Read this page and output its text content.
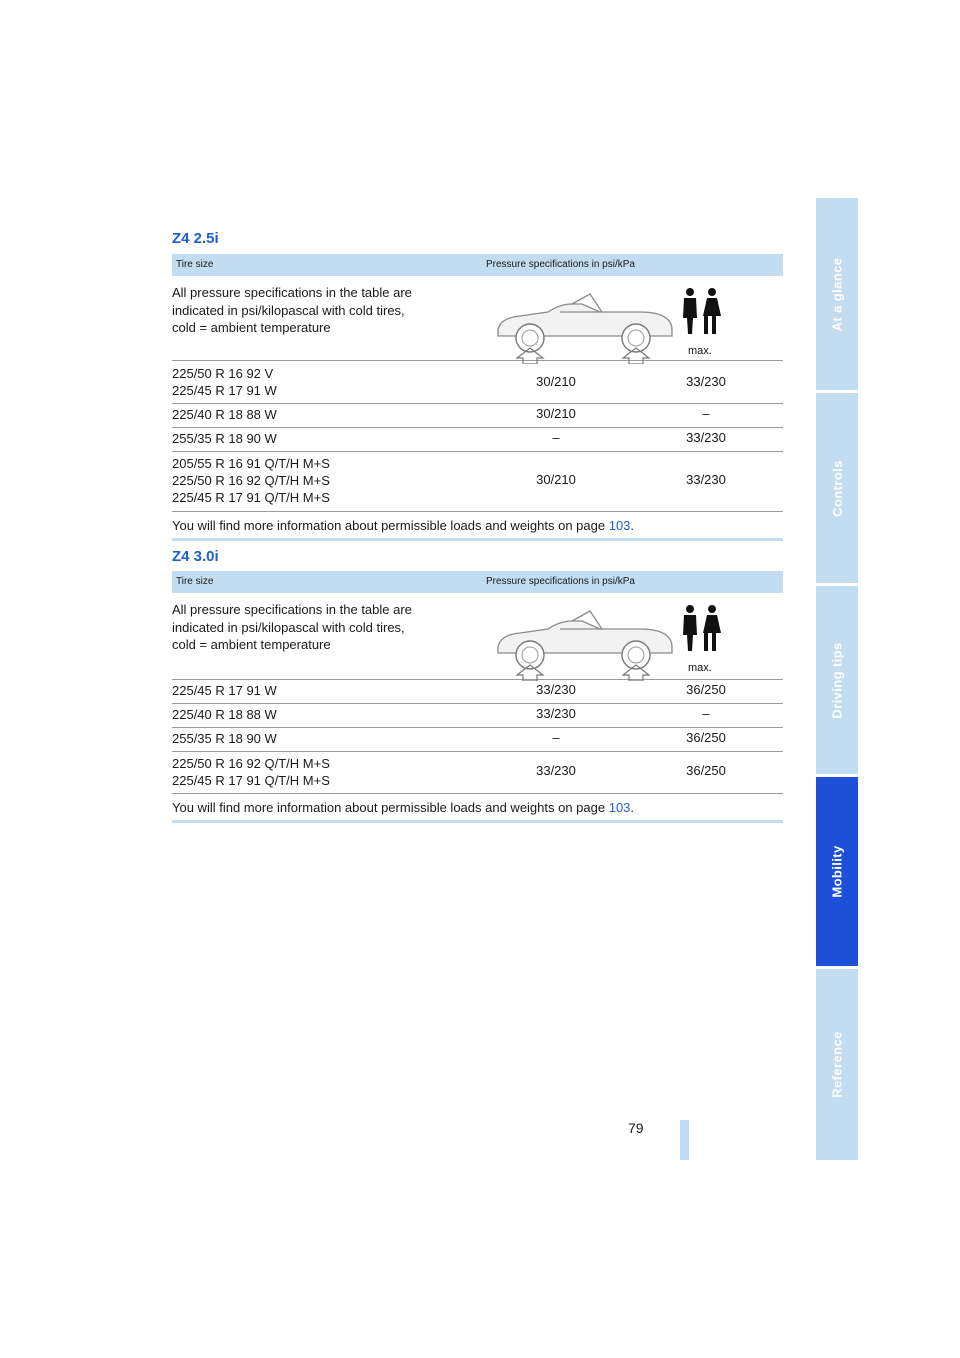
At a glance
Controls
Driving tips
Mobility
Reference
Z4 2.5i
Tire size	Pressure specifications in psi/kPa
All pressure specifications in the table are
indicated in psi/kilopascal with cold tires,
cold = ambient temperature
max.
225/50 R 16 92 V
225/45 R 17 91 W
30/210	33/230
225/40 R 18 88 W	30/210	–
255/35 R 18 90 W	–	33/230
205/55 R 16 91 Q/T/H M+S
225/50 R 16 92 Q/T/H M+S
225/45 R 17 91 Q/T/H M+S
30/210	33/230
You will find more information about permissible loads and weights on page 103.
Z4 3.0i
Tire size	Pressure specifications in psi/kPa
All pressure specifications in the table are
indicated in psi/kilopascal with cold tires,
cold = ambient temperature
max.
225/45 R 17 91 W	33/230	36/250
225/40 R 18 88 W	33/230	–
255/35 R 18 90 W	–	36/250
225/50 R 16 92 Q/T/H M+S
225/45 R 17 91 Q/T/H M+S
33/230	36/250
You will find more information about permissible loads and weights on page 103.
79
